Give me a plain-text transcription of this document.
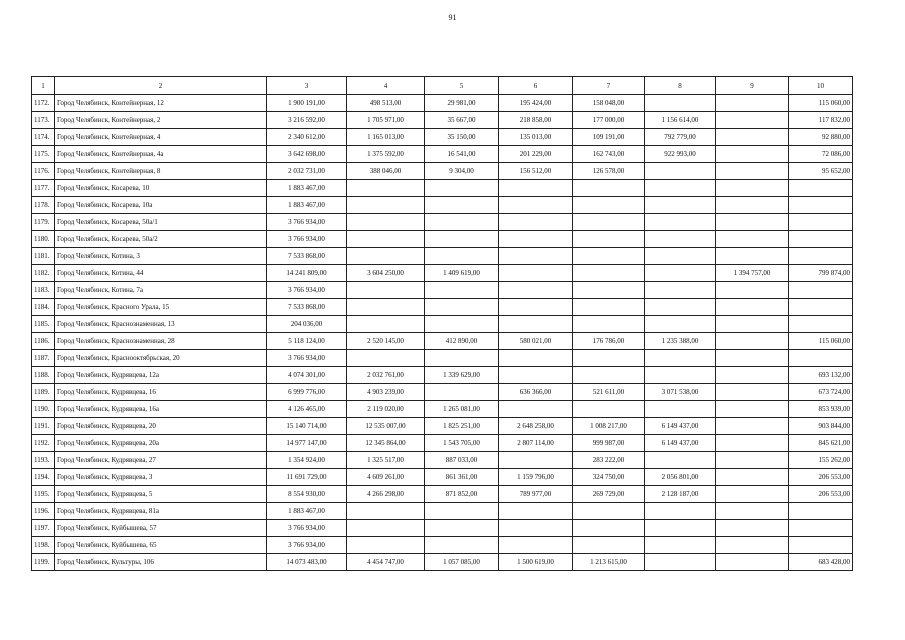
91
1	2	3	4	5	6	7	8	9	10
1172.	Город Челябинск, Контейнерная, 12	1 900 191,00	498 513,00	29 981,00	195 424,00	158 048,00			115 060,00
1173.	Город Челябинск, Контейнерная, 2	3 216 592,00	1 705 971,00	35 667,00	218 858,00	177 000,00	1 156 614,00		117 832,00
1174.	Город Челябинск, Контейнерная, 4	2 340 612,00	1 165 013,00	35 150,00	135 013,00	109 191,00	792 779,00		92 880,00
1175.	Город Челябинск, Контейнерная, 4а	3 642 698,00	1 375 592,00	16 541,00	201 229,00	162 743,00	922 993,00		72 086,00
1176.	Город Челябинск, Контейнерная, 8	2 032 731,00	388 046,00	9 304,00	156 512,00	126 578,00			95 652,00
1177.	Город Челябинск, Косарева, 10	1 883 467,00							
1178.	Город Челябинск, Косарева, 10а	1 883 467,00							
1179.	Город Челябинск, Косарева, 50а/1	3 766 934,00							
1180.	Город Челябинск, Косарева, 50а/2	3 766 934,00							
1181.	Город Челябинск, Котина, 3	7 533 868,00							
1182.	Город Челябинск, Котина, 44	14 241 809,00	3 604 250,00	1 409 619,00				1 394 757,00	799 874,00
1183.	Город Челябинск, Котина, 7а	3 766 934,00							
1184.	Город Челябинск, Красного Урала, 15	7 533 868,00							
1185.	Город Челябинск, Краснознаменная, 13	204 036,00							
1186.	Город Челябинск, Краснознаменная, 28	5 118 124,00	2 520 145,00	412 890,00	580 021,00	176 786,00	1 235 388,00		115 060,00
1187.	Город Челябинск, Краснооктябрьская, 20	3 766 934,00							
1188.	Город Челябинск, Кудрявцева, 12а	4 074 301,00	2 032 761,00	1 339 629,00					693 132,00
1189.	Город Челябинск, Кудрявцева, 16	6 999 776,00	4 903 239,00		636 366,00	521 611,00	3 071 538,00		673 724,00
1190.	Город Челябинск, Кудрявцева, 16а	4 126 465,00	2 119 020,00	1 265 081,00					853 939,00
1191.	Город Челябинск, Кудрявцева, 20	15 140 714,00	12 535 007,00	1 825 251,00	2 648 258,00	1 008 217,00	6 149 437,00		903 844,00
1192.	Город Челябинск, Кудрявцева, 20а	14 977 147,00	12 345 864,00	1 543 705,00	2 807 114,00	999 987,00	6 149 437,00		845 621,00
1193.	Город Челябинск, Кудрявцева, 27	1 354 924,00	1 325 517,00	887 033,00		283 222,00			155 262,00
1194.	Город Челябинск, Кудрявцева, 3	11 691 729,00	4 609 261,00	861 361,00	1 159 796,00	324 750,00	2 056 801,00		206 553,00
1195.	Город Челябинск, Кудрявцева, 5	8 554 930,00	4 266 298,00	871 852,00	789 977,00	269 729,00	2 128 187,00		206 553,00
1196.	Город Челябинск, Кудрявцева, 81а	1 883 467,00							
1197.	Город Челябинск, Куйбышева, 57	3 766 934,00							
1198.	Город Челябинск, Куйбышева, 65	3 766 934,00							
1199.	Город Челябинск, Культуры, 106	14 073 483,00	4 454 747,00	1 057 085,00	1 500 619,00	1 213 615,00			683 428,00
